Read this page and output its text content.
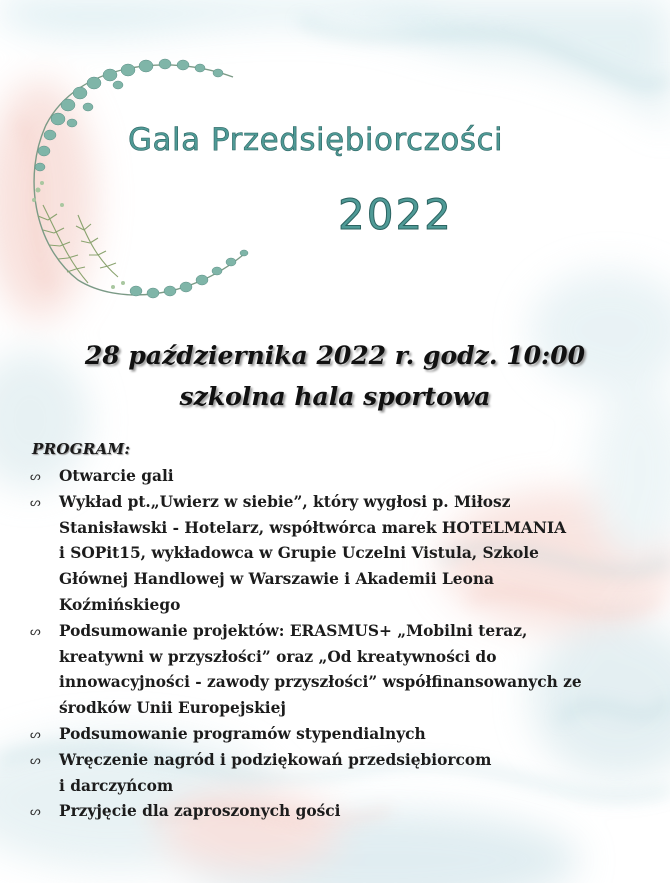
Gala Przedsiębiorczości
2022
28 października 2022 r. godz. 10:00
szkolna hala sportowa
PROGRAM:
ᔕ Otwarcie gali
ᔕ Wykład pt.„Uwierz w siebie”, który wygłosi p. Miłosz
Stanisławski - Hotelarz, współtwórca marek HOTELMANIA
i SOPit15, wykładowca w Grupie Uczelni Vistula, Szkole
Głównej Handlowej w Warszawie i Akademii Leona
Koźmińskiego
ᔕ Podsumowanie projektów: ERASMUS+ „Mobilni teraz,
kreatywni w przyszłości” oraz „Od kreatywności do
innowacyjności - zawody przyszłości” współfinansowanych ze
środków Unii Europejskiej
ᔕ Podsumowanie programów stypendialnych
ᔕ Wręczenie nagród i podziękowań przedsiębiorcom
i darczyńcom
ᔕ Przyjęcie dla zaproszonych gości
